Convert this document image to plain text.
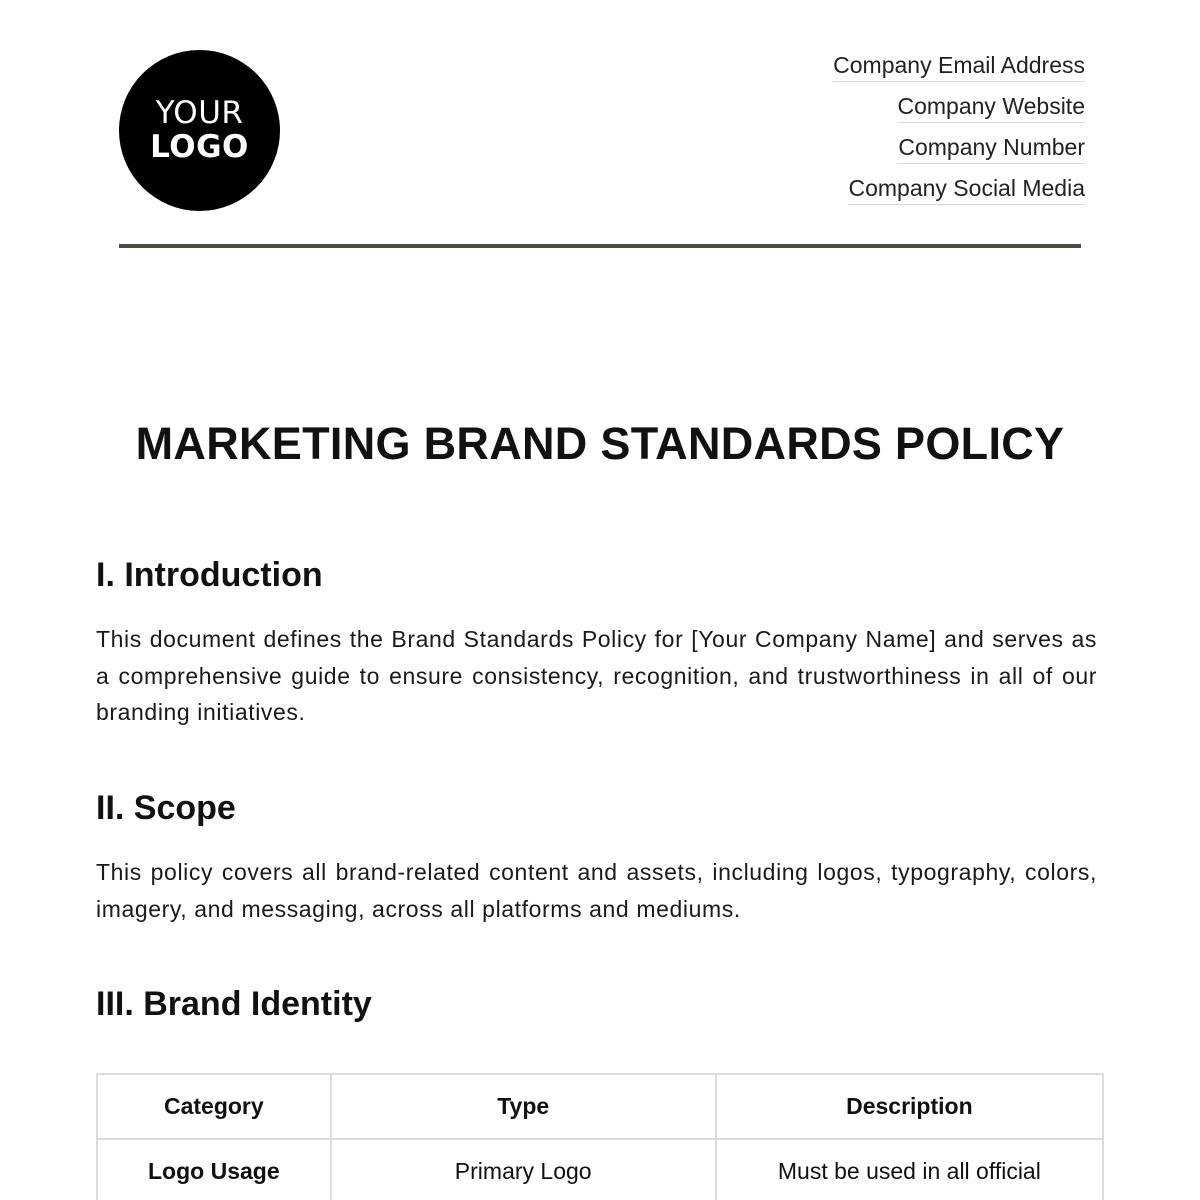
YOUR
LOGO
Company Email Address
Company Website
Company Number
Company Social Media
MARKETING BRAND STANDARDS POLICY
I. Introduction
This document defines the Brand Standards Policy for [Your Company Name] and serves as a comprehensive guide to ensure consistency, recognition, and trustworthiness in all of our branding initiatives.
II. Scope
This policy covers all brand-related content and assets, including logos, typography, colors, imagery, and messaging, across all platforms and mediums.
III. Brand Identity
Category	Type	Description
Logo Usage	Primary Logo	Must be used in all official
